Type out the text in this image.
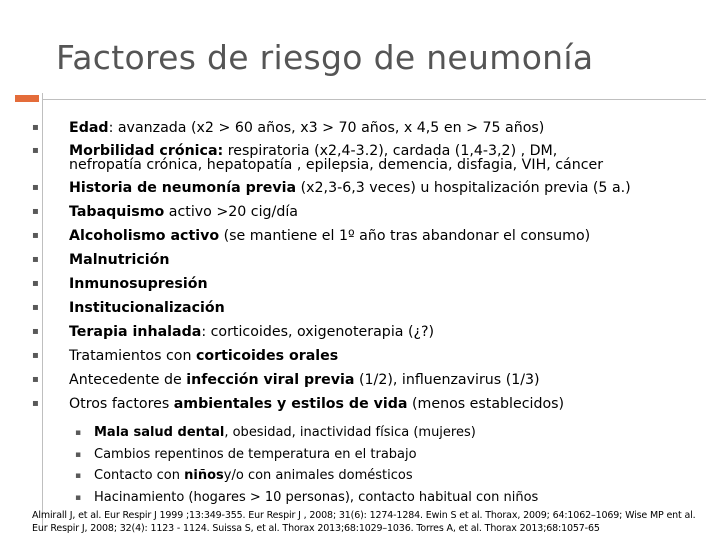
Factores de riesgo de neumonía
▪ Edad: avanzada (x2 > 60 años, x3 > 70 años, x 4,5 en > 75 años)
▪ Morbilidad crónica: respiratoria (x2,4-3.2), cardada (1,4-3,2) , DM, nefropatía crónica, hepatopatía , epilepsia, demencia, disfagia, VIH, cáncer
▪ Historia de neumonía previa (x2,3-6,3 veces) u hospitalización previa (5 a.)
▪ Tabaquismo activo >20 cig/día
▪ Alcoholismo activo (se mantiene el 1º año tras abandonar el consumo)
▪ Malnutrición
▪ Inmunosupresión
▪ Institucionalización
▪ Terapia inhalada: corticoides, oxigenoterapia (¿?)
▪ Tratamientos con corticoides orales
▪ Antecedente de infección viral previa (1/2), influenzavirus (1/3)
▪ Otros factores ambientales y estilos de vida (menos establecidos)
▪ Mala salud dental, obesidad, inactividad física (mujeres)
▪ Cambios repentinos de temperatura en el trabajo
▪ Contacto con niñosy/o con animales domésticos
▪ Hacinamiento (hogares > 10 personas), contacto habitual con niños
Almirall J, et al. Eur Respir J 1999 ;13:349-355. Eur Respir J , 2008; 31(6): 1274-1284. Ewin S et al. Thorax, 2009; 64:1062–1069; Wise MP ent al. Eur Respir J, 2008; 32(4): 1123 - 1124. Suissa S, et al. Thorax 2013;68:1029–1036. Torres A, et al. Thorax 2013;68:1057-65
